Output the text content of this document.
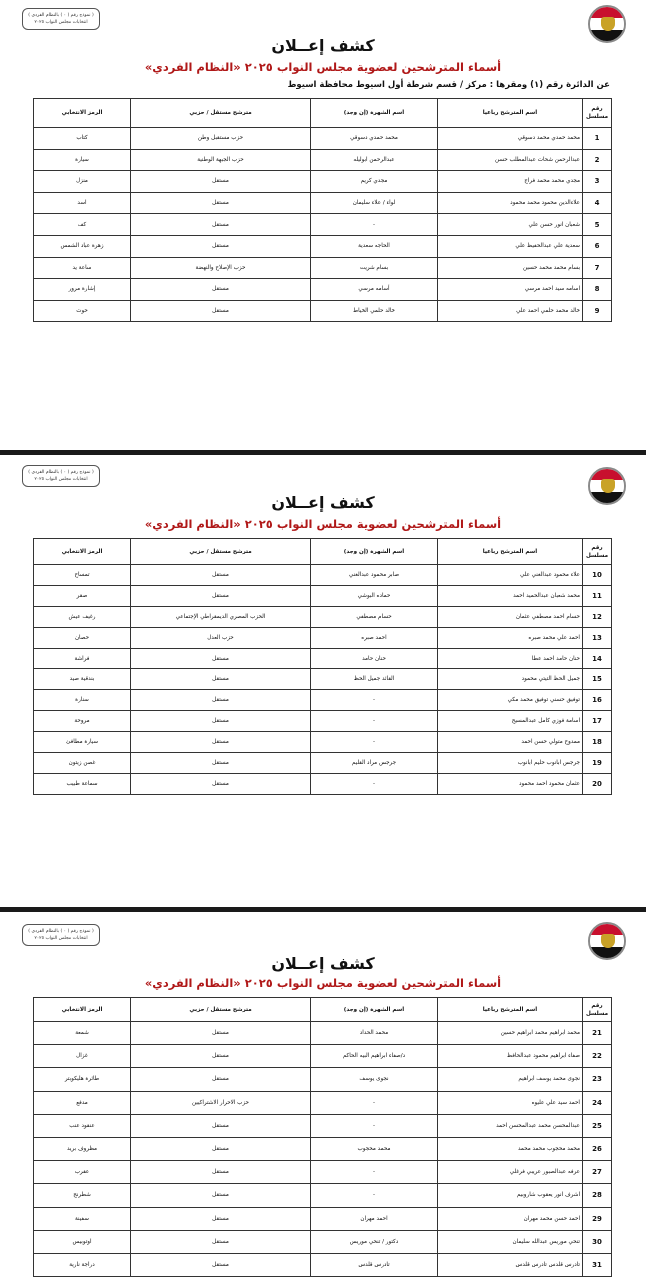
( نموذج رقم ( ٠ ) بالنظام الفردي )
انتخابات مجلس النواب ٢٠٢٥
كشف إعــلان
أسماء المترشحين لعضوية مجلس النواب ٢٠٢٥ «النظام الفردي»
عن الدائرة رقم (١) ومقرها : مركز / قسم شرطة أول اسيوط محافظة اسيوط
رقم مسلسل	اسم المترشح رباعيا	اسم الشهرة (إن وجد)	مترشح مستقل / حزبي	الرمز الانتخابي
1	محمد حمدي محمد دسوقي	محمد حمدي دسوقي	حزب مستقبل وطن	كتاب
2	عبدالرحمن شحات عبدالمطلب حسن	عبدالرحمن ابوليله	حزب الجبهة الوطنية	سيارة
3	مجدي محمد محمد فراج	مجدي كريم	مستقل	منزل
4	علاءالدين محمود محمد محمود	لواء / علاء سليمان	مستقل	اسد
5	شعبان انور حسن علي	-	مستقل	كف
6	سعدية علي عبدالحفيظ علي	الحاجه سعدية	مستقل	زهرة عباد الشمس
7	بسام محمد محمد حسين	بسام شريت	حزب الإصلاح والنهضة	ساعة يد
8	اسامه سيد احمد مرسي	أسامه مرسي	مستقل	إشارة مرور
9	خالد محمد حلمي احمد علي	خالد حلمي الخياط	مستقل	حوت
( نموذج رقم ( ٠ ) بالنظام الفردي )
انتخابات مجلس النواب ٢٠٢٥
كشف إعــلان
أسماء المترشحين لعضوية مجلس النواب ٢٠٢٥ «النظام الفردي»
رقم مسلسل	اسم المترشح رباعيا	اسم الشهرة (إن وجد)	مترشح مستقل / حزبي	الرمز الانتخابي
10	علاء محمود عبدالغني علي	صابر محمود عبدالغني	مستقل	تمساح
11	محمد شعبان عبدالحميد احمد	حماده البوشي	مستقل	صقر
12	حسام احمد مصطفي عثمان	حسام مصطفي	الحزب المصري الديمقراطي الإجتماعي	رغيف عيش
13	احمد علي محمد صبره	احمد صبره	حزب العدل	حصان
14	حنان حامد احمد عطا	حنان حامد	مستقل	فراشة
15	جميل الحظ التيتي محمود	القائد جميل الحظ	مستقل	بندقية صيد
16	توفيق حسني توفيق محمد مكي	-	مستقل	سنارة
17	اسامة فوزي كامل عبدالمسيح	-	مستقل	مروحة
18	ممدوح متولي حسن احمد	-	مستقل	سيارة مطافئ
19	جرجس ابانوب حليم ابانوب	جرجس مراد القليم	مستقل	غصن زيتون
20	عثمان محمود احمد محمود	-	مستقل	سماعة طبيب
( نموذج رقم ( ٠ ) بالنظام الفردي )
انتخابات مجلس النواب ٢٠٢٥
كشف إعــلان
أسماء المترشحين لعضوية مجلس النواب ٢٠٢٥ «النظام الفردي»
رقم مسلسل	اسم المترشح رباعيا	اسم الشهرة (إن وجد)	مترشح مستقل / حزبي	الرمز الانتخابي
21	محمد ابراهيم محمد ابراهيم حسين	محمد الحداد	مستقل	شمعة
22	صفاء ابراهيم محمود عبدالحافظ	د/صفاء ابراهيم البيه الحاكم	مستقل	غزال
23	نجوى محمد يوسف ابراهيم	نجوى يوسف	مستقل	طائرة هليكوبتر
24	احمد سيد علي عليوه	-	حزب الاحرار الاشتراكيين	مدفع
25	عبدالمحسن محمد عبدالمحسن احمد	-	مستقل	عنقود عنب
26	محمد محجوب محمد محمد	محمد محجوب	مستقل	مظروف بريد
27	عرفه عبدالصبور عريبي فرغلي	-	مستقل	عقرب
28	اشرف انور يعقوب شاروبيم	-	مستقل	شطرنج
29	احمد حسن محمد مهران	احمد مهران	مستقل	سفينة
30	تنحي موريس عبدالله سليمان	دكتور / تنحي موريس	مستقل	اوتوبيس
31	تادرس قلدس تادرس قلدس	تادرس قلدس	مستقل	دراجة نارية
